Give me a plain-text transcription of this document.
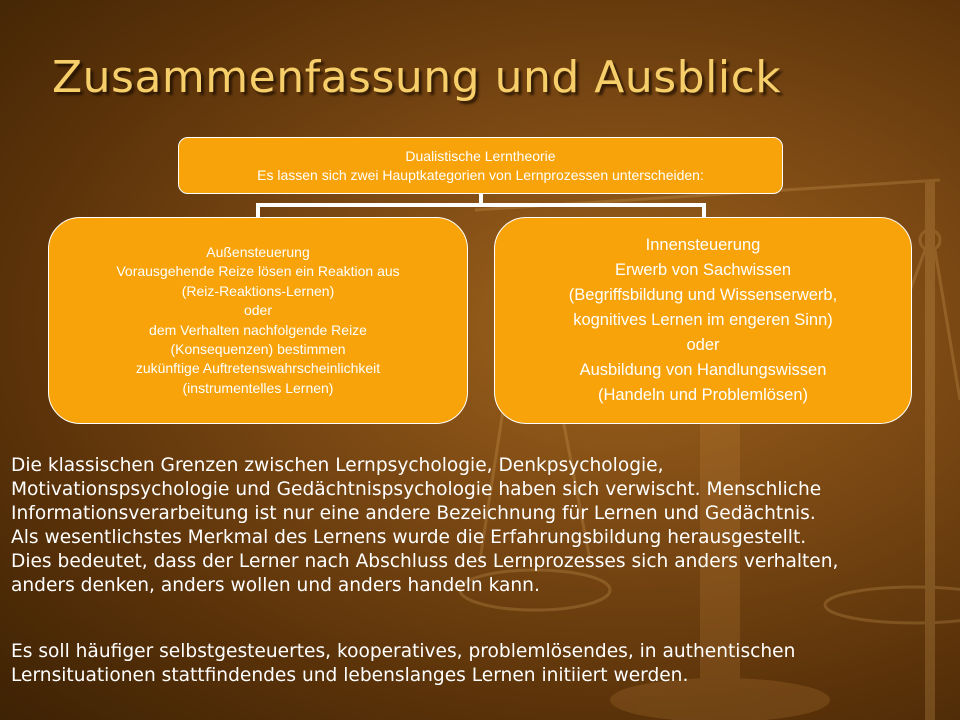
Zusammenfassung und Ausblick
Dualistische Lerntheorie
Es lassen sich zwei Hauptkategorien von Lernprozessen unterscheiden:
Außensteuerung
Vorausgehende Reize lösen ein Reaktion aus
(Reiz-Reaktions-Lernen)
oder
dem Verhalten nachfolgende Reize
(Konsequenzen) bestimmen
zukünftige Auftretenswahrscheinlichkeit
(instrumentelles Lernen)
Innensteuerung
Erwerb von Sachwissen
(Begriffsbildung und Wissenserwerb,
kognitives Lernen im engeren Sinn)
oder
Ausbildung von Handlungswissen
(Handeln und Problemlösen)

Die klassischen Grenzen zwischen Lernpsychologie, Denkpsychologie,
Motivationspsychologie und Gedächtnispsychologie haben sich verwischt. Menschliche
Informationsverarbeitung ist nur eine andere Bezeichnung für Lernen und Gedächtnis.
Als wesentlichstes Merkmal des Lernens wurde die Erfahrungsbildung herausgestellt.
Dies bedeutet, dass der Lerner nach Abschluss des Lernprozesses sich anders verhalten,
anders denken, anders wollen und anders handeln kann.

Es soll häufiger selbstgesteuertes, kooperatives, problemlösendes, in authentischen
Lernsituationen stattfindendes und lebenslanges Lernen initiiert werden.
